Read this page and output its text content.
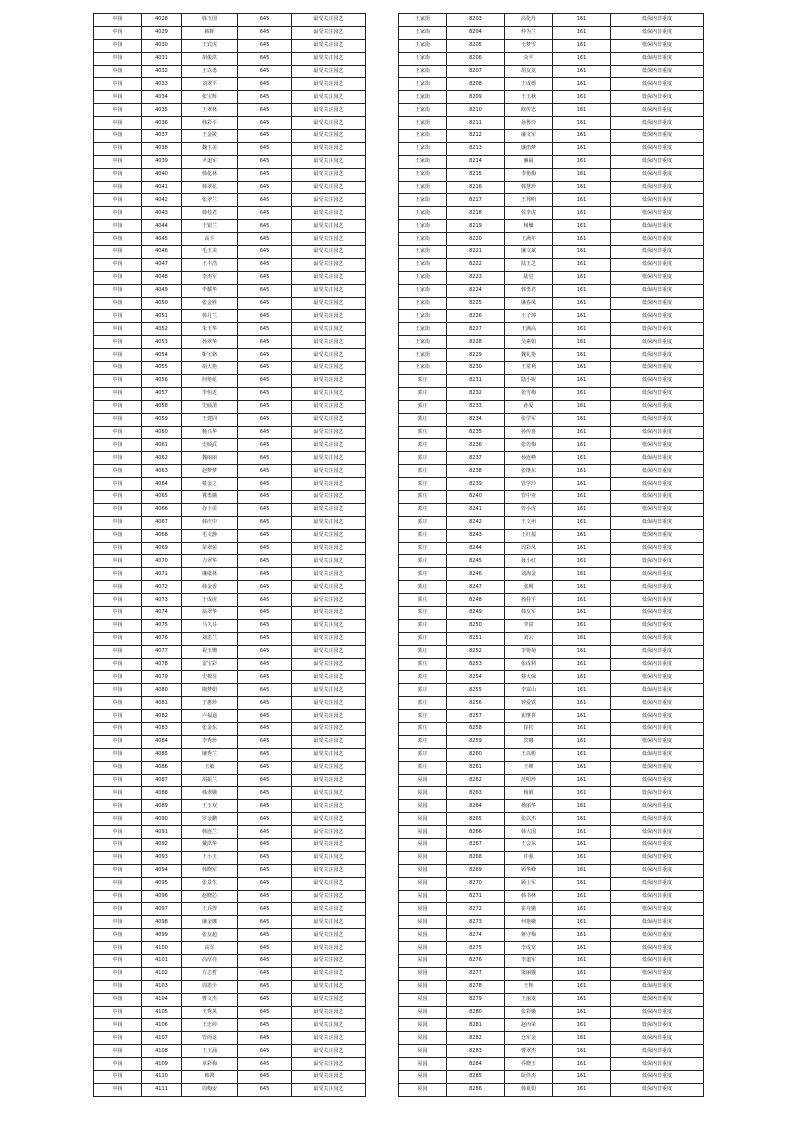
中扬	4028	韩玉国	645	最受关注园艺
中扬	4029	韩晖	645	最受关注园艺
中扬	4030	王宾虎	645	最受关注园艺
中扬	4031	胡俊洪	645	最受关注园艺
中扬	4032	王以勇	645	最受关注园艺
中扬	4033	刘翠平	645	最受关注园艺
中扬	4034	张宝辉	645	最受关注园艺
中扬	4035	王翠林	645	最受关注园艺
中扬	4036	韩彩平	645	最受关注园艺
中扬	4037	王金陵	645	最受关注园艺
中扬	4038	魏玉美	645	最受关注园艺
中扬	4039	尹道军	645	最受关注园艺
中扬	4040	韩化林	645	最受关注园艺
中扬	4041	韩翠花	645	最受关注园艺
中扬	4042	张翠兰	645	最受关注园艺
中扬	4043	韩桂君	645	最受关注园艺
中扬	4044	王银兰	645	最受关注园艺
中扬	4045	高平	645	最受关注园艺
中扬	4046	毛玉美	645	最受关注园艺
中扬	4047	王丰浩	645	最受关注园艺
中扬	4048	李杰军	645	最受关注园艺
中扬	4049	毕耀华	645	最受关注园艺
中扬	4050	张金胜	645	最受关注园艺
中扬	4051	韩月兰	645	最受关注园艺
中扬	4052	朱玉华	645	最受关注园艺
中扬	4053	孙翠华	645	最受关注园艺
中扬	4054	靳宝骆	645	最受关注园艺
中扬	4055	胡大艳	645	最受关注园艺
中扬	4056	何艳花	645	最受关注园艺
中扬	4057	李恒近	645	最受关注园艺
中扬	4058	史硕清	645	最受关注园艺
中扬	4059	王建同	645	最受关注园艺
中扬	4060	杨兴华	645	最受关注园艺
中扬	4061	史硕武	645	最受关注园艺
中扬	4062	魏丽丽	645	最受关注园艺
中扬	4063	赵梦梦	645	最受关注园艺
中扬	4064	蔡金之	645	最受关注园艺
中扬	4065	冀勇娥	645	最受关注园艺
中扬	4066	谷士美	645	最受关注园艺
中扬	4067	韩庆中	645	最受关注园艺
中扬	4068	毛文静	645	最受关注园艺
中扬	4069	苗翠荣	645	最受关注园艺
中扬	4070	力翠华	645	最受关注园艺
中扬	4071	廉康林	645	最受关注园艺
中扬	4072	韩金香	645	最受关注园艺
中扬	4073	于成虎	645	最受关注园艺
中扬	4074	翁翠华	645	最受关注园艺
中扬	4075	马久芬	645	最受关注园艺
中扬	4076	刘思兰	645	最受关注园艺
中扬	4077	祝玉珊	645	最受关注园艺
中扬	4078	雷宝彩	645	最受关注园艺
中扬	4079	史棉芬	645	最受关注园艺
中扬	4080	陶梦娟	645	最受关注园艺
中扬	4081	于惠珍	645	最受关注园艺
中扬	4082	卢福通	645	最受关注园艺
中扬	4083	张金东	645	最受关注园艺
中扬	4084	李秀珍	645	最受关注园艺
中扬	4085	廉秀兰	645	最受关注园艺
中扬	4086	玉敏	645	最受关注园艺
中扬	4087	胡振兰	645	最受关注园艺
中扬	4088	韩翠娥	645	最受关注园艺
中扬	4089	王玉双	645	最受关注园艺
中扬	4090	罗金鹏	645	最受关注园艺
中扬	4091	韩连兰	645	最受关注园艺
中扬	4092	戴洪华	645	最受关注园艺
中扬	4093	王小玉	645	最受关注园艺
中扬	4094	韩晓军	645	最受关注园艺
中扬	4095	张景生	645	最受关注园艺
中扬	4096	赵晓芯	645	最受关注园艺
中扬	4097	王兵得	645	最受关注园艺
中扬	4098	廉金娜	645	最受关注园艺
中扬	4099	张友超	645	最受关注园艺
中扬	4100	高军	645	最受关注园艺
中扬	4101	高厚亮	645	最受关注园艺
中扬	4102	方志哲	645	最受关注园艺
中扬	4103	周恩全	645	最受关注园艺
中扬	4104	曹文杰	645	最受关注园艺
中扬	4105	王秀英	645	最受关注园艺
中扬	4106	王忠停	645	最受关注园艺
中扬	4107	管尚龙	645	最受关注园艺
中扬	4108	王玉涌	645	最受关注园艺
中扬	4109	章彩梅	645	最受关注园艺
中扬	4110	韩鸿	645	最受关注园艺
中扬	4111	周梅安	645	最受关注园艺
王家街	8203	高化丹	161	低保内非重度
王家街	8204	仲为兰	161	低保内非重度
王家街	8205	王梦雪	161	低保内非重度
王家街	8206	众平	161	低保内非重度
王家街	8207	胡友龙	161	低保内非重度
王家街	8208	王成德	161	低保内非重度
王家街	8209	王玉秋	161	低保内非重度
王家街	8210	欧传忠	161	低保内非重度
王家街	8211	孙鲁玲	161	低保内非重度
王家街	8212	廉文军	161	低保内非重度
王家街	8213	廉雨梦	161	低保内非重度
王家街	8214	廉福	161	低保内非重度
王家街	8215	李艳梅	161	低保内非重度
王家街	8216	韩慧珍	161	低保内非重度
王家街	8217	王邦明	161	低保内非重度
王家街	8218	侯李虎	161	低保内非重度
王家街	8219	杨雁	161	低保内非重度
王家街	8220	王满年	161	低保内非重度
王家街	8221	廉文斌	161	低保内非重度
王家街	8222	陆玉芝	161	低保内非重度
王家街	8223	陆堂	161	低保内非重度
王家街	8224	韩勇君	161	低保内非重度
王家街	8225	廉春凤	161	低保内非重度
王家街	8226	王子坤	161	低保内非重度
王家街	8227	王满高	161	低保内非重度
王家街	8228	吴素娟	161	低保内非重度
王家街	8229	魏礼艳	161	低保内非重度
王家街	8230	王常利	161	低保内非重度
郭庄	8231	陆小妮	161	低保内非重度
郭庄	8232	张雪梅	161	低保内非重度
郭庄	8233	孙爱	161	低保内非重度
郭庄	8234	张学军	161	低保内非重度
郭庄	8235	孙传喜	161	低保内非重度
郭庄	8236	张先梅	161	低保内非重度
郭庄	8237	孙连峰	161	低保内非重度
郭庄	8238	张继东	161	低保内非重度
郭庄	8239	管学玲	161	低保内非重度
郭庄	8240	管中亚	161	低保内非重度
郭庄	8241	管小虎	161	低保内非重度
郭庄	8242	王文州	161	低保内非重度
郭庄	8243	王红福	161	低保内非重度
郭庄	8244	周彩凤	161	低保内非重度
郭庄	8245	聂小红	161	低保内非重度
郭庄	8246	刘海金	161	低保内非重度
郭庄	8247	张梅	161	低保内非重度
郭庄	8248	扬桂平	161	低保内非重度
郭庄	8249	韩友军	161	低保内非重度
郭庄	8250	李富	161	低保内非重度
郭庄	8251	刘云	161	低保内非重度
郭庄	8252	李艳菊	161	低保内非重度
郭庄	8253	张成利	161	低保内非重度
郭庄	8254	蔡大保	161	低保内非重度
郭庄	8255	李富山	161	低保内非重度
郭庄	8256	钟爱铁	161	低保内非重度
郭庄	8257	崔继喜	161	低保内非重度
郭庄	8258	崔松	161	低保内非重度
郭庄	8259	宾娜	161	低保内非重度
郭庄	8260	王以彬	161	低保内非重度
郭庄	8261	王峰	161	低保内非重度
屋园	8262	范明珍	161	低保内非重度
屋园	8263	杨娟	161	低保内非重度
屋园	8264	杨丽华	161	低保内非重度
屋园	8265	张以杰	161	低保内非重度
屋园	8266	韩大国	161	低保内非重度
屋园	8267	王会东	161	低保内非重度
屋园	8268	许强	161	低保内非重度
屋园	8269	顾华峰	161	低保内非重度
屋园	8270	顾士军	161	低保内非重度
屋园	8271	韩书林	161	低保内非重度
屋园	8272	崔丹娥	161	低保内非重度
屋园	8273	何艳娥	161	低保内非重度
屋园	8274	蒋守梅	161	低保内非重度
屋园	8275	李成宽	161	低保内非重度
屋园	8276	李道军	161	低保内非重度
屋园	8277	梁丽娥	161	低保内非重度
屋园	8278	王辉	161	低保内非重度
屋园	8279	王丽龙	161	低保内非重度
屋园	8280	张彩娥	161	低保内非重度
屋园	8281	赵丙荣	161	低保内非重度
屋园	8282	仓军金	161	低保内非重度
屋园	8283	曹翠杰	161	低保内非重度
屋园	8284	乔晓玉	161	低保内非重度
屋园	8285	阮伴杰	161	低保内非重度
屋园	8286	韩夏娟	161	低保内非重度
